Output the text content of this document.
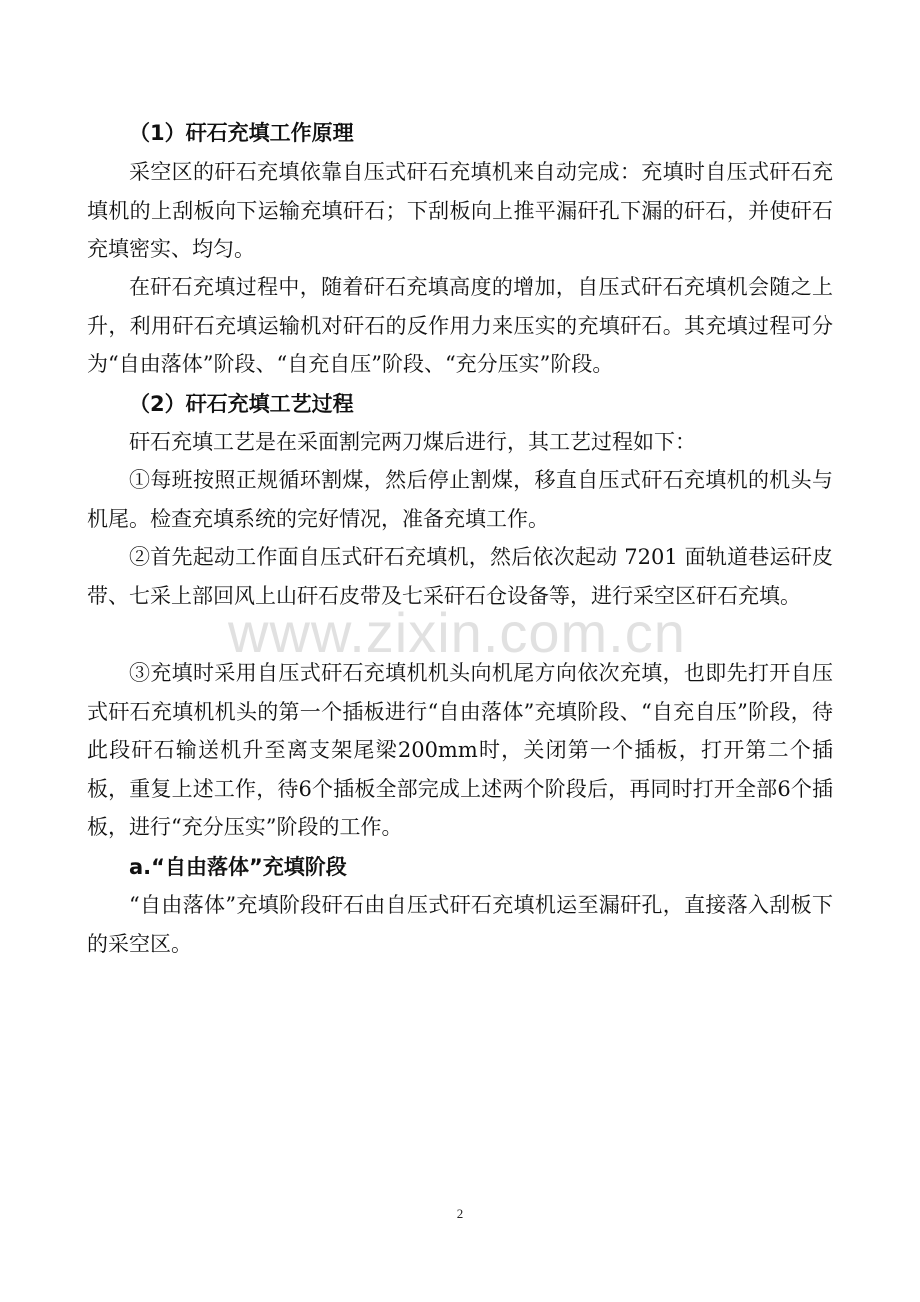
（1）矸石充填工作原理

采空区的矸石充填依靠自压式矸石充填机来自动完成：充填时自压式矸石充填机的上刮板向下运输充填矸石；下刮板向上推平漏矸孔下漏的矸石，并使矸石充填密实、均匀。

在矸石充填过程中，随着矸石充填高度的增加，自压式矸石充填机会随之上升，利用矸石充填运输机对矸石的反作用力来压实的充填矸石。其充填过程可分为“自由落体”阶段、“自充自压”阶段、“充分压实”阶段。

（2）矸石充填工艺过程

矸石充填工艺是在采面割完两刀煤后进行，其工艺过程如下：

①每班按照正规循环割煤，然后停止割煤，移直自压式矸石充填机的机头与机尾。检查充填系统的完好情况，准备充填工作。

②首先起动工作面自压式矸石充填机，然后依次起动 7201 面轨道巷运矸皮带、七采上部回风上山矸石皮带及七采矸石仓设备等，进行采空区矸石充填。

③充填时采用自压式矸石充填机机头向机尾方向依次充填，也即先打开自压式矸石充填机机头的第一个插板进行“自由落体”充填阶段、“自充自压”阶段，待此段矸石输送机升至离支架尾梁200mm时，关闭第一个插板，打开第二个插板，重复上述工作，待6个插板全部完成上述两个阶段后，再同时打开全部6个插板，进行“充分压实”阶段的工作。

a.“自由落体”充填阶段

“自由落体”充填阶段矸石由自压式矸石充填机运至漏矸孔，直接落入刮板下的采空区。

www.zixin.com.cn
2
